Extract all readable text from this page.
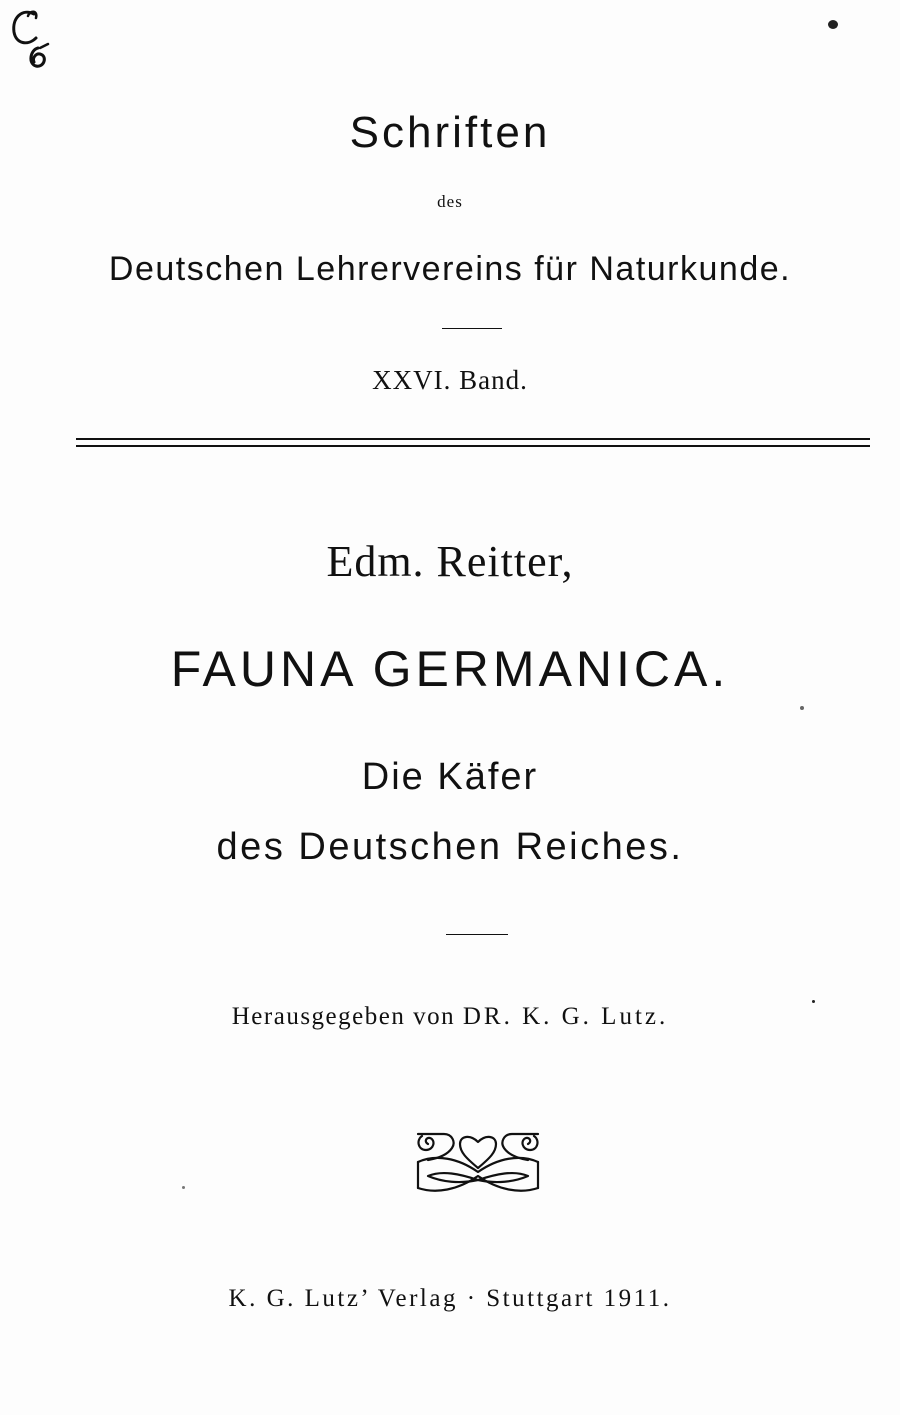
Schriften
des
Deutschen Lehrervereins für Naturkunde.
XXVI. Band.
Edm. Reitter,
FAUNA GERMANICA.
Die Käfer
des Deutschen Reiches.
Herausgegeben von DR. K. G. Lutz.
K. G. Lutz’ Verlag · Stuttgart 1911.
